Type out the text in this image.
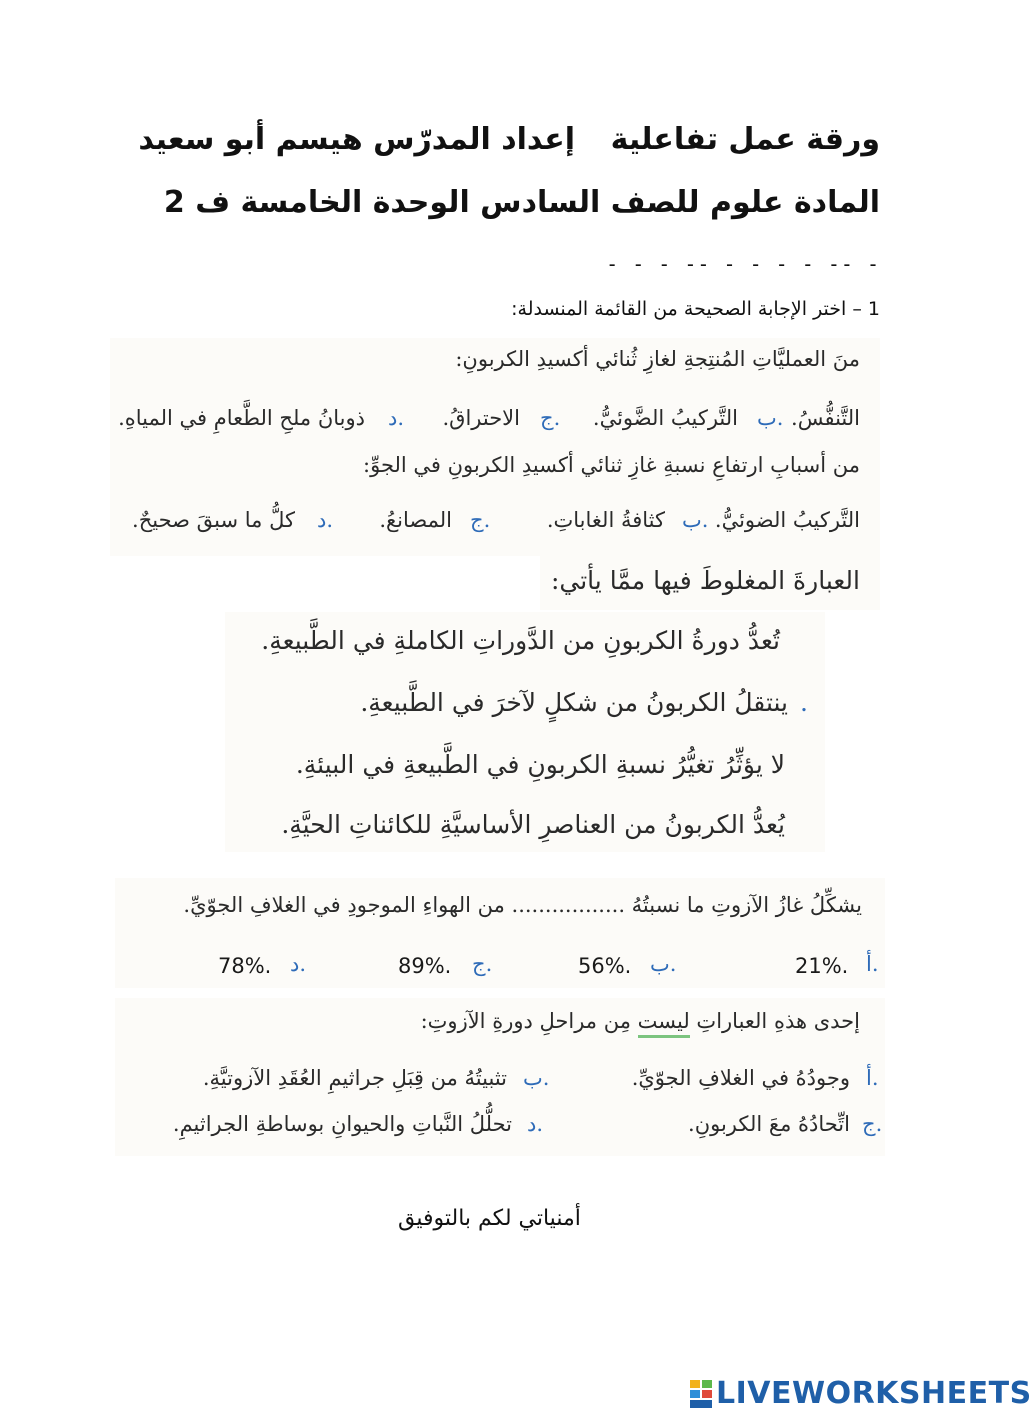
ورقة عمل تفاعلية
إعداد المدرّس هيسم أبو سعيد
المادة علوم للصف السادس الوحدة الخامسة ف 2
- - - -- - - - - -- -
1 – اختر الإجابة الصحيحة من القائمة المنسدلة:
منَ العمليَّاتِ المُنتِجةِ لغازِ ثُنائي أكسيدِ الكربونِ:
التَّنفُّسُ.
ب.
التَّركيبُ الضَّوئيُّ.
ج.
الاحتراقُ.
د.
ذوبانُ ملحِ الطَّعامِ في المياهِ.
من أسبابِ ارتفاعِ نسبةِ غازِ ثنائي أكسيدِ الكربونِ في الجوِّ:
التَّركيبُ الضوئيُّ.
ب.
كثافةُ الغاباتِ.
ج.
المصانعُ.
د.
كلُّ ما سبقَ صحيحٌ.
العبارةَ المغلوطَ فيها ممَّا يأتي:
تُعدُّ دورةُ الكربونِ من الدَّوراتِ الكاملةِ في الطَّبيعةِ.
ينتقلُ الكربونُ من شكلٍ لآخرَ في الطَّبيعةِ. .
لا يؤثِّرُ تغيُّرُ نسبةِ الكربونِ في الطَّبيعةِ في البيئةِ.
يُعدُّ الكربونُ من العناصرِ الأساسيَّةِ للكائناتِ الحيَّةِ.
يشكِّلُ غازُ الآزوتِ ما نسبتُهُ ................. من الهواءِ الموجودِ في الغلافِ الجوّيِّ.
أ.
21%.
ب.
56%.
ج.
89%.
د.
78%.
إحدى هذهِ العباراتِ ليست مِن مراحلِ دورةِ الآزوتِ:
أ.
وجودُهُ في الغلافِ الجوّيِّ.
ب.
تثبيتُهُ من قِبَلِ جراثيمِ العُقَدِ الآزوتيَّةِ.
ج.
اتِّحادُهُ معَ الكربونِ.
د.
تحلُّلُ النَّباتِ والحيوانِ بوساطةِ الجراثيمِ.
أمنياتي لكم بالتوفيق
LIVEWORKSHEETS
